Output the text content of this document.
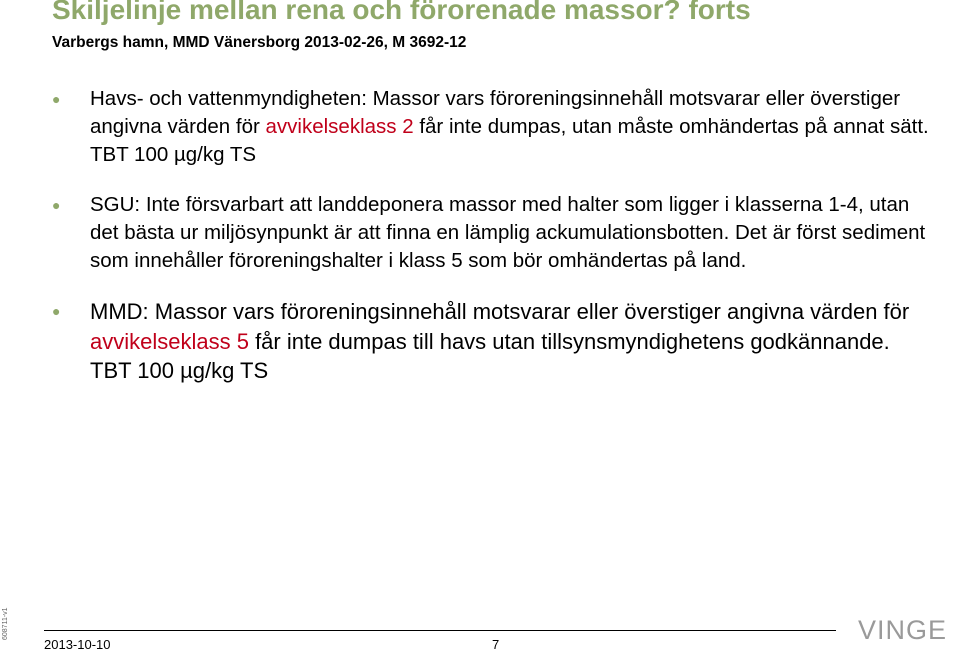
Skiljelinje mellan rena och förorenade massor? forts
Varbergs hamn, MMD Vänersborg 2013-02-26, M 3692-12
● Havs- och vattenmyndigheten: Massor vars föroreningsinnehåll motsvarar eller överstiger angivna värden för avvikelseklass 2 får inte dumpas, utan måste omhändertas på annat sätt. TBT 100 µg/kg TS
● SGU: Inte försvarbart att landdeponera massor med halter som ligger i klasserna 1-4, utan det bästa ur miljösynpunkt är att finna en lämplig ackumulationsbotten. Det är först sediment som innehåller föroreningshalter i klass 5 som bör omhändertas på land.
● MMD: Massor vars föroreningsinnehåll motsvarar eller överstiger angivna värden för avvikelseklass 5 får inte dumpas till havs utan tillsynsmyndighetens godkännande. TBT 100 µg/kg TS
608711-v1
2013-10-10	7	VINGE
